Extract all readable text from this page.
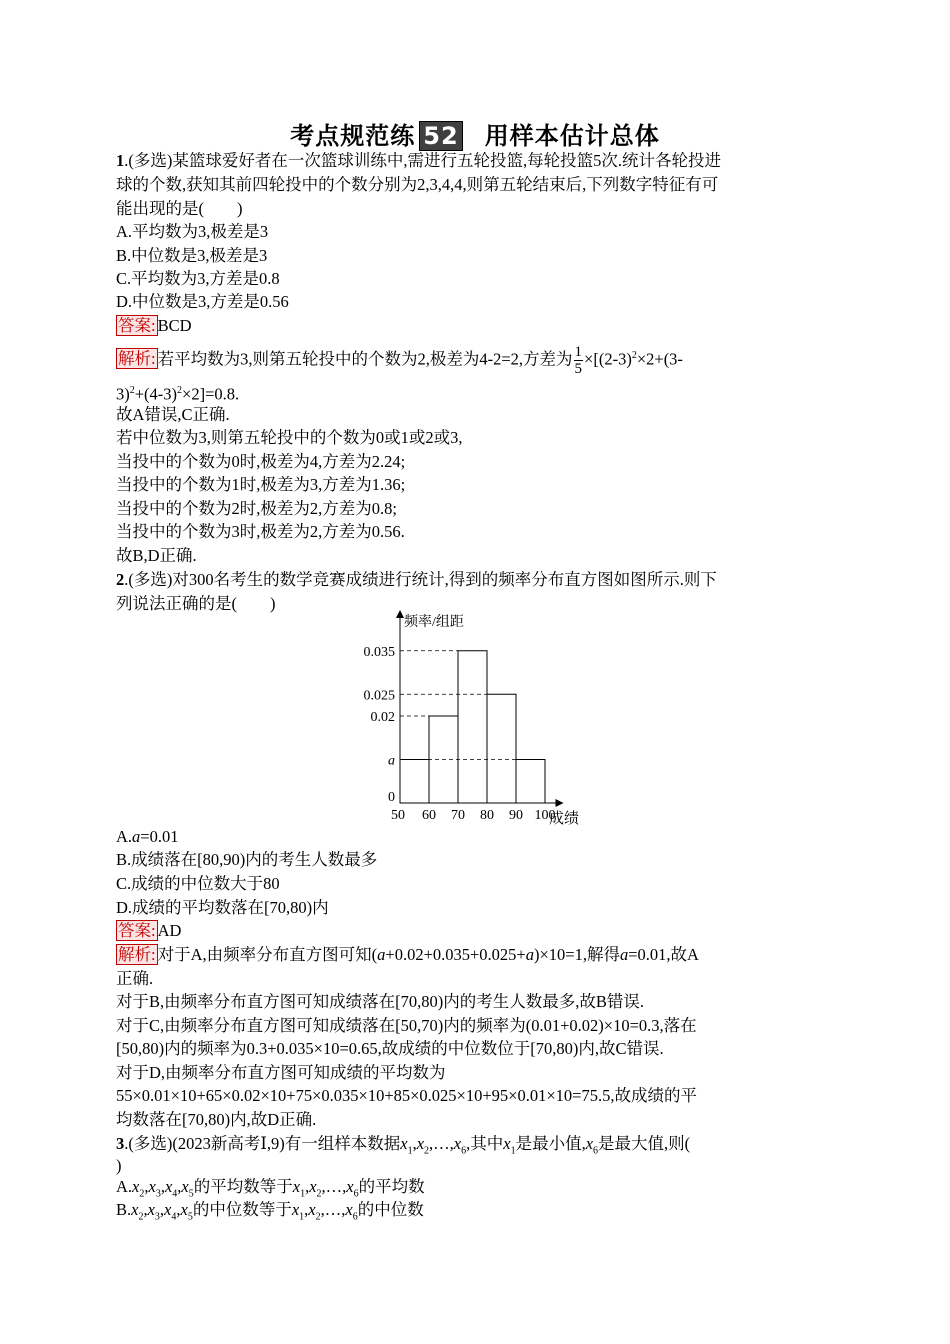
考点规范练 52 用样本估计总体
1.(多选)某篮球爱好者在一次篮球训练中,需进行五轮投篮,每轮投篮5次.统计各轮投进
球的个数,获知其前四轮投中的个数分别为2,3,4,4,则第五轮结束后,下列数字特征有可
能出现的是(　　)
A.平均数为3,极差是3
B.中位数是3,极差是3
C.平均数为3,方差是0.8
D.中位数是3,方差是0.56
答案: BCD
解析: 若平均数为3,则第五轮投中的个数为2,极差为4-2=2,方差为 $\frac{1}{5} \times[(2-3)^2\times 2+(3-$
$3)^2+(4-3)^2\times 2]=0.8$.
故A错误,C正确.
若中位数为3,则第五轮投中的个数为0或1或2或3,
当投中的个数为0时,极差为4,方差为2.24;
当投中的个数为1时,极差为3,方差为1.36;
当投中的个数为2时,极差为2,方差为0.8;
当投中的个数为3时,极差为2,方差为0.56.
故B,D正确.
2.(多选)对300名考生的数学竞赛成绩进行统计,得到的频率分布直方图如图所示.则下
列说法正确的是(　　)
50 60 70 80 90 100
0
a
0.02
0.025
0.035
成绩
频率/组距
A.a=0.01
B.成绩落在[80,90)内的考生人数最多
C.成绩的中位数大于80
D.成绩的平均数落在[70,80)内
答案: AD
解析: 对于A,由频率分布直方图可知(a+0.02+0.035+0.025+a)×10=1,解得a=0.01,故A
正确.
对于B,由频率分布直方图可知成绩落在[70,80)内的考生人数最多,故B错误.
对于C,由频率分布直方图可知成绩落在[50,70)内的频率为(0.01+0.02)×10=0.3,落在
[50,80)内的频率为0.3+0.035×10=0.65,故成绩的中位数位于[70,80)内,故C错误.
对于D,由频率分布直方图可知成绩的平均数为
55×0.01×10+65×0.02×10+75×0.035×10+85×0.025×10+95×0.01×10=75.5,故成绩的平
均数落在[70,80)内,故D正确.
3.(多选)(2023新高考Ⅰ,9)有一组样本数据$x_1,x_2,\dots,x_6$,其中$x_1$是最小值$,x_6$是最大值,则(
)
$A.x_2,x_3,x_4,x_5$的平均数等于$x_1,x_2,\dots,x_6$的平均数
$B.x_2,x_3,x_4,x_5$的中位数等于$x_1,x_2,\dots,x_6$的中位数
